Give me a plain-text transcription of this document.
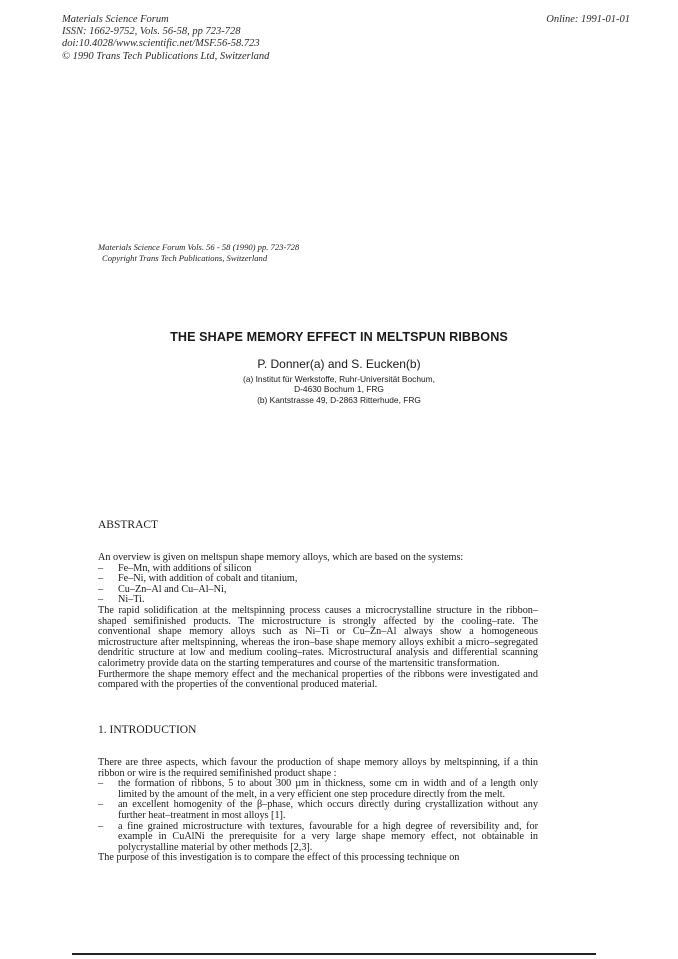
Materials Science Forum
ISSN: 1662-9752, Vols. 56-58, pp 723-728
doi:10.4028/www.scientific.net/MSF.56-58.723
© 1990 Trans Tech Publications Ltd, Switzerland
Online: 1991-01-01
Materials Science Forum Vols. 56 - 58 (1990) pp. 723-728
Copyright Trans Tech Publications, Switzerland
THE SHAPE MEMORY EFFECT IN MELTSPUN RIBBONS
P. Donner(a) and S. Eucken(b)
(a) Institut für Werkstoffe, Ruhr-Universität Bochum,
D-4630 Bochum 1, FRG
(b) Kantstrasse 49, D-2863 Ritterhude, FRG
ABSTRACT

An overview is given on meltspun shape memory alloys, which are based on the systems:

– Fe–Mn, with additions of silicon
– Fe–Ni, with addition of cobalt and titanium,
– Cu–Zn–Al and Cu–Al–Ni,
– Ni–Ti.

The rapid solidification at the meltspinning process causes a microcrystalline structure in the ribbon–shaped semifinished products. The microstructure is strongly affected by the cooling–rate. The conventional shape memory alloys such as Ni–Ti or Cu–Zn–Al always show a homogeneous microstructure after meltspinning, whereas the iron–base shape memory alloys exhibit a micro–segregated dendritic structure at low and medium cooling–rates. Microstructural analysis and differential scanning calorimetry provide data on the starting temperatures and course of the martensitic transformation.

Furthermore the shape memory effect and the mechanical properties of the ribbons were investigated and compared with the properties of the conventional produced material.

1. INTRODUCTION

There are three aspects, which favour the production of shape memory alloys by meltspinning, if a thin ribbon or wire is the required semifinished product shape :

– the formation of ribbons, 5 to about 300 µm in thickness, some cm in width and of a length only limited by the amount of the melt, in a very efficient one step procedure directly from the melt.
– an excellent homogenity of the β–phase, which occurs directly during crystallization without any further heat–treatment in most alloys [1].
– a fine grained microstructure with textures, favourable for a high degree of reversibility and, for example in CuAlNi the prerequisite for a very large shape memory effect, not obtainable in polycrystalline material by other methods [2,3].

The purpose of this investigation is to compare the effect of this processing technique on
